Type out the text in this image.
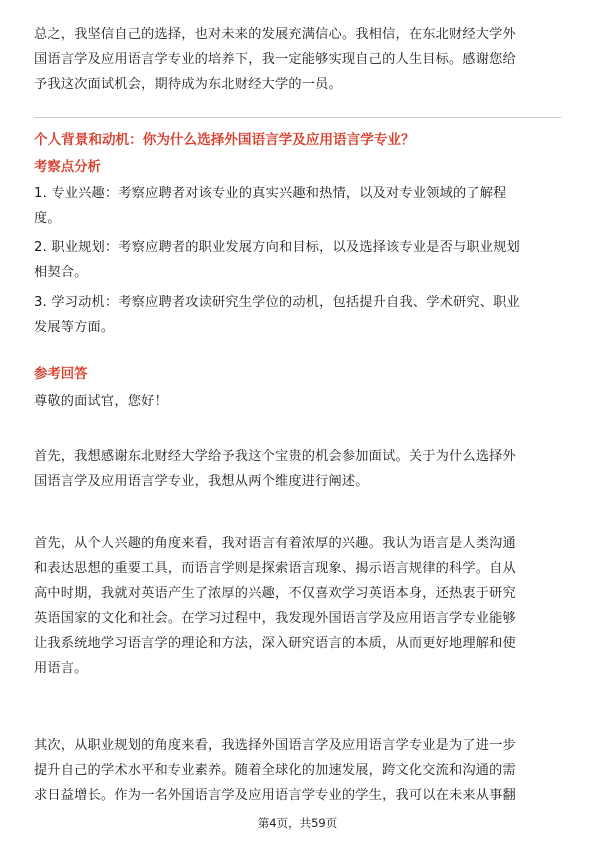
总之，我坚信自己的选择，也对未来的发展充满信心。我相信，在东北财经大学外
国语言学及应用语言学专业的培养下，我一定能够实现自己的人生目标。感谢您给
予我这次面试机会，期待成为东北财经大学的一员。

个人背景和动机：你为什么选择外国语言学及应用语言学专业？
考察点分析

1. 专业兴趣：考察应聘者对该专业的真实兴趣和热情，以及对专业领域的了解程
度。

2. 职业规划：考察应聘者的职业发展方向和目标，以及选择该专业是否与职业规划
相契合。

3. 学习动机：考察应聘者攻读研究生学位的动机，包括提升自我、学术研究、职业
发展等方面。

参考回答

尊敬的面试官，您好！

首先，我想感谢东北财经大学给予我这个宝贵的机会参加面试。关于为什么选择外
国语言学及应用语言学专业，我想从两个维度进行阐述。

首先，从个人兴趣的角度来看，我对语言有着浓厚的兴趣。我认为语言是人类沟通
和表达思想的重要工具，而语言学则是探索语言现象、揭示语言规律的科学。自从
高中时期，我就对英语产生了浓厚的兴趣，不仅喜欢学习英语本身，还热衷于研究
英语国家的文化和社会。在学习过程中，我发现外国语言学及应用语言学专业能够
让我系统地学习语言学的理论和方法，深入研究语言的本质，从而更好地理解和使
用语言。

其次，从职业规划的角度来看，我选择外国语言学及应用语言学专业是为了进一步
提升自己的学术水平和专业素养。随着全球化的加速发展，跨文化交流和沟通的需
求日益增长。作为一名外国语言学及应用语言学专业的学生，我可以在未来从事翻

第4页，共59页
